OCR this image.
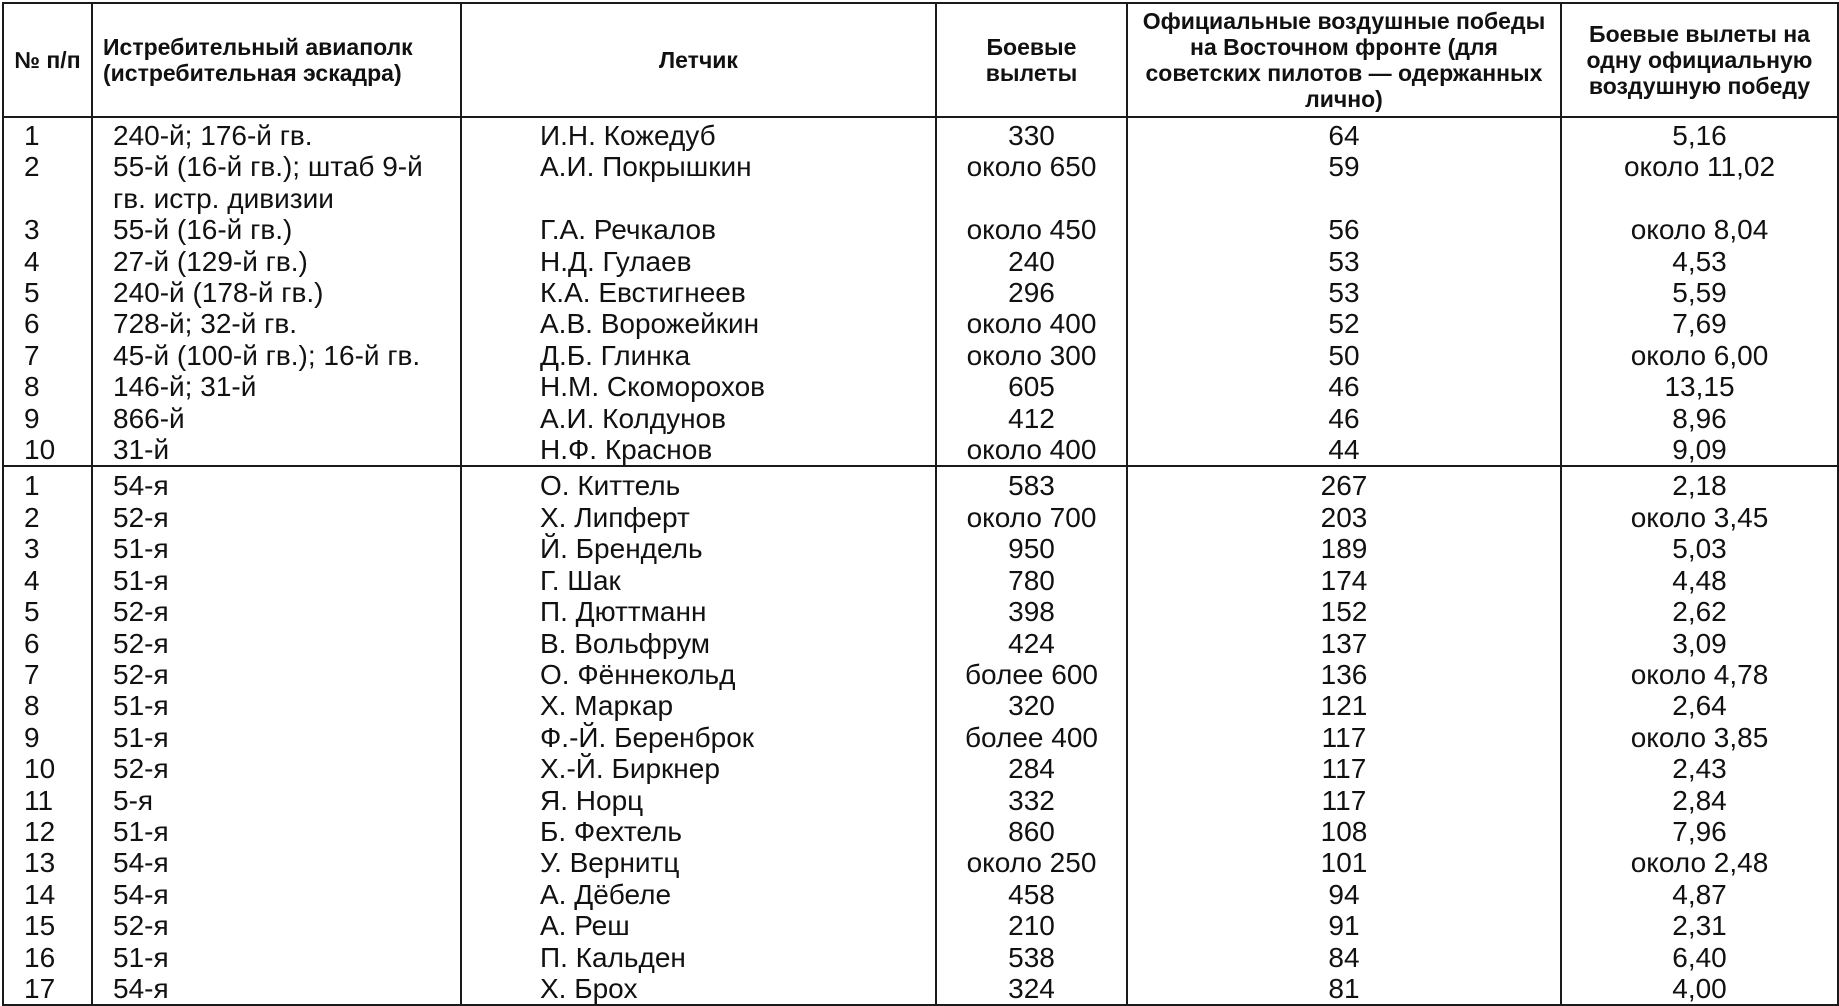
№ п/п	Истребительный авиаполк (истребительная эскадра)	Летчик	Боевые вылеты	Официальные воздушные победы на Восточном фронте (для советских пилотов — одержанных лично)	Боевые вылеты на одну официальную воздушную победу
1	240-й; 176-й гв.	И.Н. Кожедуб	330	64	5,16
2	55-й (16-й гв.); штаб 9-й гв. истр. дивизии	А.И. Покрышкин	около 650	59	около 11,02
3	55-й (16-й гв.)	Г.А. Речкалов	около 450	56	около 8,04
4	27-й (129-й гв.)	Н.Д. Гулаев	240	53	4,53
5	240-й (178-й гв.)	К.А. Евстигнеев	296	53	5,59
6	728-й; 32-й гв.	А.В. Ворожейкин	около 400	52	7,69
7	45-й (100-й гв.); 16-й гв.	Д.Б. Глинка	около 300	50	около 6,00
8	146-й; 31-й	Н.М. Скоморохов	605	46	13,15
9	866-й	А.И. Колдунов	412	46	8,96
10	31-й	Н.Ф. Краснов	около 400	44	9,09
1	54-я	О. Киттель	583	267	2,18
2	52-я	Х. Липферт	около 700	203	около 3,45
3	51-я	Й. Брендель	950	189	5,03
4	51-я	Г. Шак	780	174	4,48
5	52-я	П. Дюттманн	398	152	2,62
6	52-я	В. Вольфрум	424	137	3,09
7	52-я	О. Фённекольд	более 600	136	около 4,78
8	51-я	Х. Маркар	320	121	2,64
9	51-я	Ф.-Й. Беренброк	более 400	117	около 3,85
10	52-я	Х.-Й. Биркнер	284	117	2,43
11	5-я	Я. Норц	332	117	2,84
12	51-я	Б. Фехтель	860	108	7,96
13	54-я	У. Вернитц	около 250	101	около 2,48
14	54-я	А. Дёбеле	458	94	4,87
15	52-я	А. Реш	210	91	2,31
16	51-я	П. Кальден	538	84	6,40
17	54-я	Х. Брох	324	81	4,00
